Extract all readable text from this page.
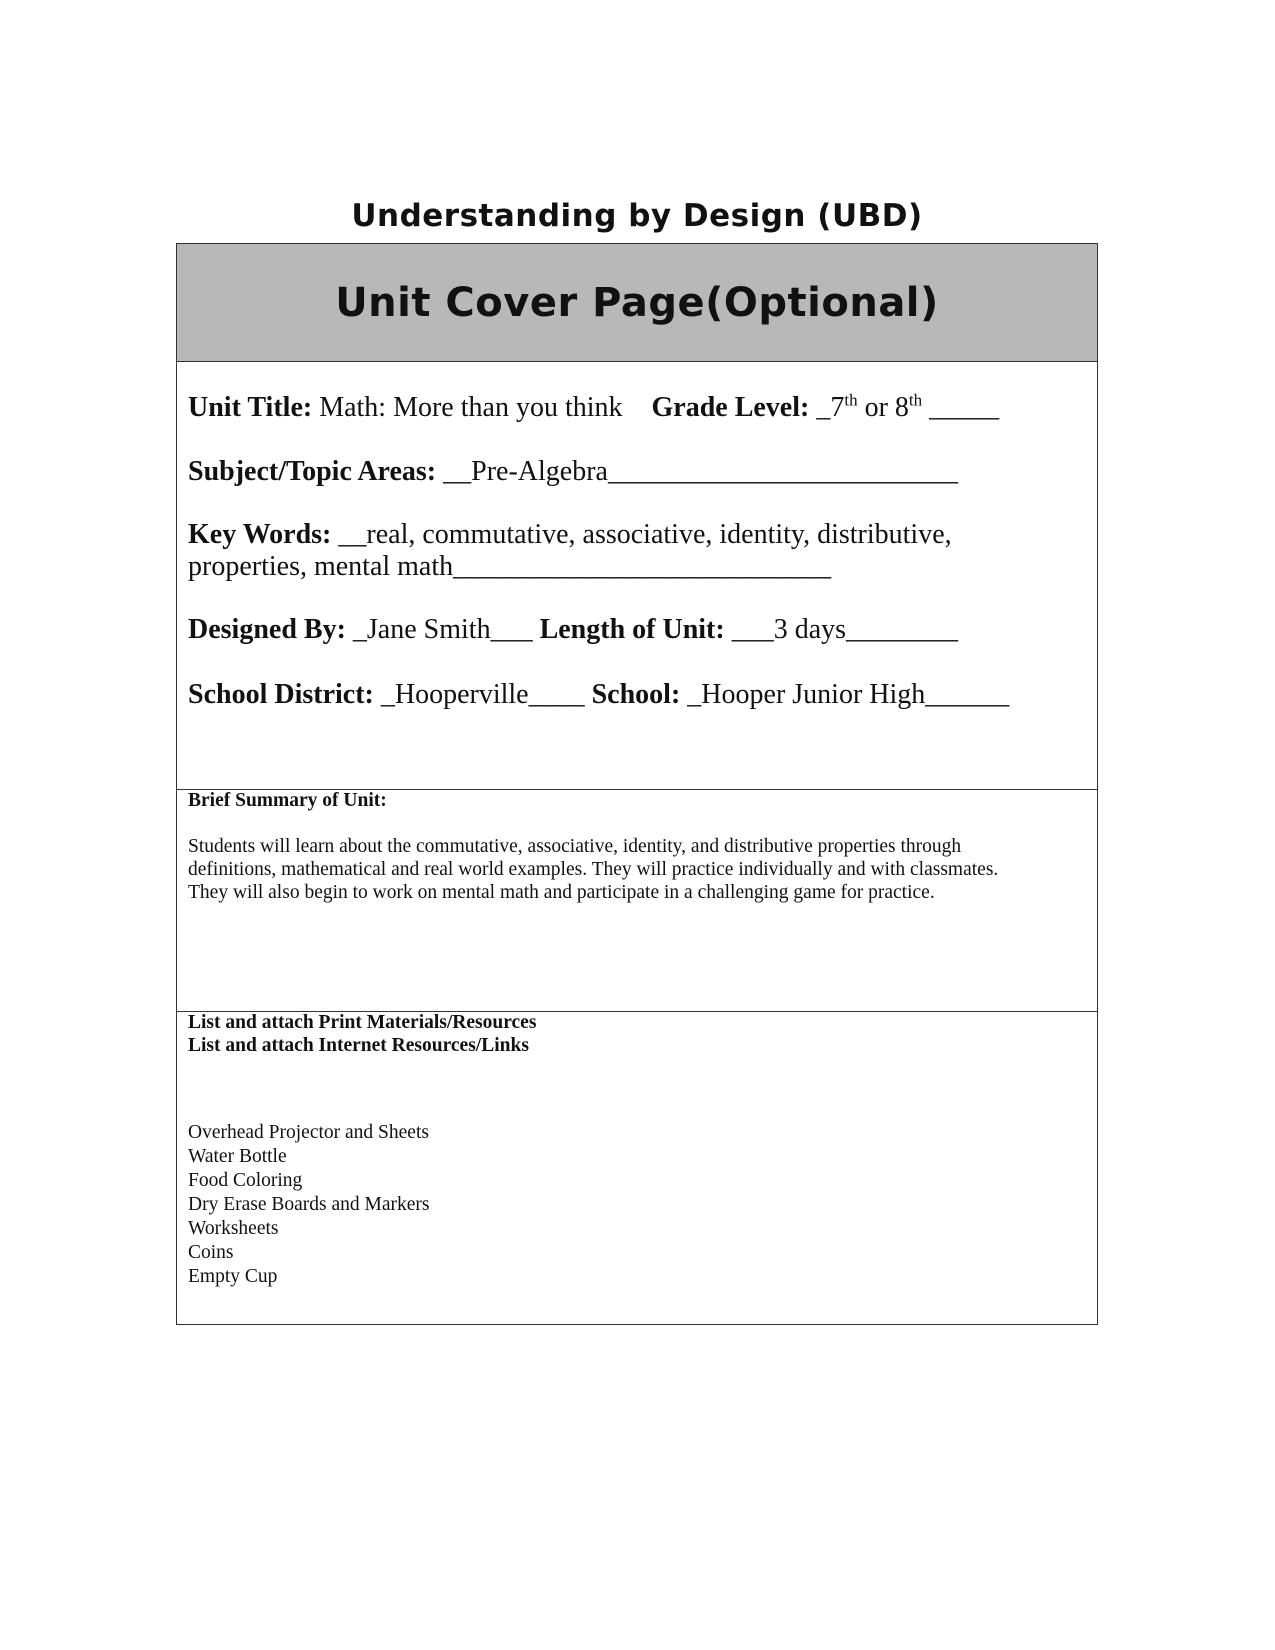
Understanding by Design (UBD)
Unit Cover Page(Optional)
Unit Title: Math: More than you think Grade Level: _7th or 8th _____
Subject/Topic Areas: __Pre-Algebra_________________________
Key Words: __real, commutative, associative, identity, distributive,
properties, mental math___________________________
Designed By: _Jane Smith___ Length of Unit: ___3 days________
School District: _Hooperville____ School: _Hooper Junior High______
Brief Summary of Unit:
Students will learn about the commutative, associative, identity, and distributive properties through
definitions, mathematical and real world examples. They will practice individually and with classmates.
They will also begin to work on mental math and participate in a challenging game for practice.
List and attach Print Materials/Resources
List and attach Internet Resources/Links
Overhead Projector and Sheets
Water Bottle
Food Coloring
Dry Erase Boards and Markers
Worksheets
Coins
Empty Cup
